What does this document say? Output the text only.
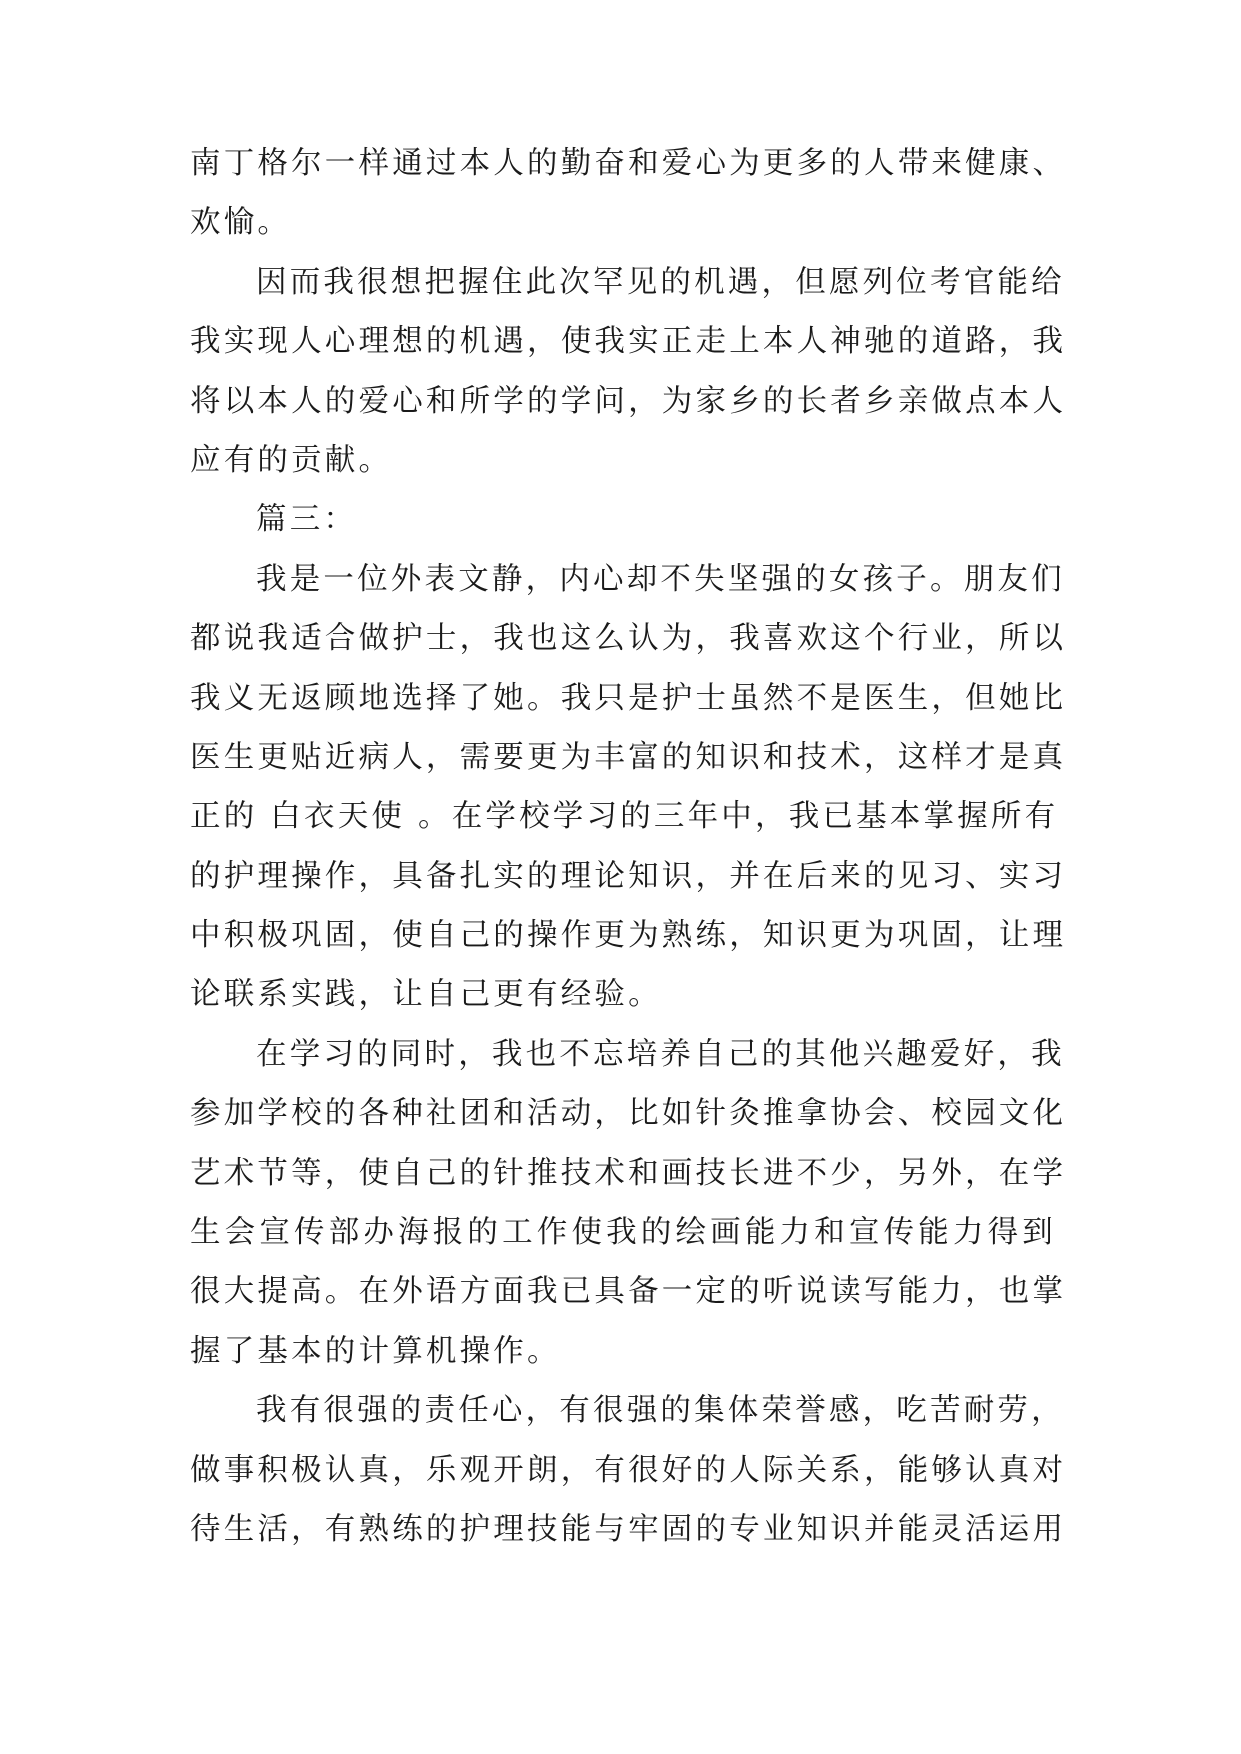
南丁格尔一样通过本人的勤奋和爱心为更多的人带来健康、
欢愉。
因而我很想把握住此次罕见的机遇，但愿列位考官能给
我实现人心理想的机遇，使我实正走上本人神驰的道路，我
将以本人的爱心和所学的学问，为家乡的长者乡亲做点本人
应有的贡献。
篇三：
我是一位外表文静，内心却不失坚强的女孩子。朋友们
都说我适合做护士，我也这么认为，我喜欢这个行业，所以
我义无返顾地选择了她。我只是护士虽然不是医生，但她比
医生更贴近病人，需要更为丰富的知识和技术，这样才是真
正的 白衣天使 。在学校学习的三年中，我已基本掌握所有
的护理操作，具备扎实的理论知识，并在后来的见习、实习
中积极巩固，使自己的操作更为熟练，知识更为巩固，让理
论联系实践，让自己更有经验。
在学习的同时，我也不忘培养自己的其他兴趣爱好，我
参加学校的各种社团和活动，比如针灸推拿协会、校园文化
艺术节等，使自己的针推技术和画技长进不少，另外，在学
生会宣传部办海报的工作使我的绘画能力和宣传能力得到
很大提高。在外语方面我已具备一定的听说读写能力，也掌
握了基本的计算机操作。
我有很强的责任心，有很强的集体荣誉感，吃苦耐劳，
做事积极认真，乐观开朗，有很好的人际关系，能够认真对
待生活，有熟练的护理技能与牢固的专业知识并能灵活运用
